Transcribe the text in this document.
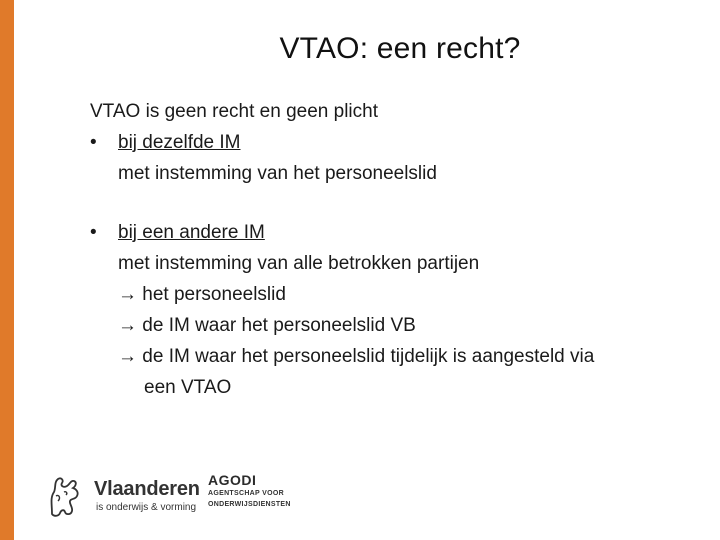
VTAO: een recht?
VTAO is geen recht en geen plicht
• bij dezelfde IM
met instemming van het personeelslid
• bij een andere IM
met instemming van alle betrokken partijen
→ het personeelslid
→ de IM waar het personeelslid VB
→ de IM waar het personeelslid tijdelijk is aangesteld via
een VTAO
Vlaanderen
is onderwijs & vorming
AGODI
AGENTSCHAP VOOR
ONDERWIJSDIENSTEN
